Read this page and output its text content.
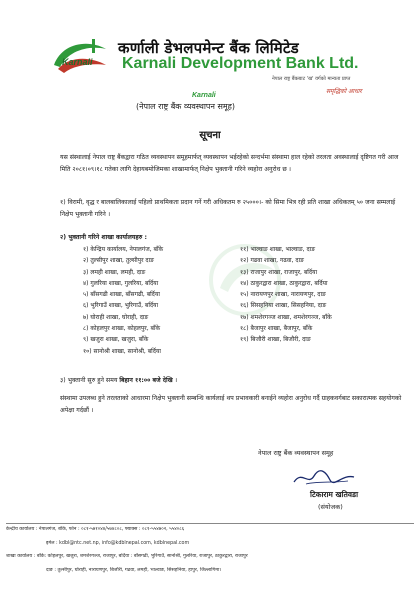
Karnali
कर्णाली डेभलपमेन्ट बैंक लिमिटेड
Karnali Development Bank Ltd.
नेपाल राष्ट्र बैंकबाट 'ख' वर्गको मान्यता प्राप्त
समृद्धिको आधार
Karnali
(नेपाल राष्ट्र बैंक व्यवस्थापन समूह)
सूचना
यस संस्थालाई नेपाल राष्ट्र बैंकद्वारा गठित व्यवस्थापन समूहमार्फत् व्यवस्थापन भईरहेको सन्दर्भमा संस्थामा हाल रहेको तरलता अवस्थालाई दृष्टिगत गरी आज मिति २०८१।०९।१८ गतेका लागि देहायबमोजिमका शाखामार्फत् निक्षेप भुक्तानी गरिने व्यहोरा अनुरोध छ ।
१) विरामी, वृद्ध र बालबालिकालाई पहिलो प्राथमिकता प्रदान गर्ने गरी अधिकतम रु २५०००।- को सिमा भित्र रही प्रति शाखा अधिकतम् ५० जना सम्मलाई निक्षेप भुक्तानी गरिने ।
२) भुक्तानी गरिने शाखा कार्यालयहरु :
१) केन्द्रिय कार्यालय, नेपालगंज, बाँके
२) तुल्सीपुर शाखा, तुल्सीपुर दाङ
३) लमही शाखा, लमही, दाङ
४) गुलरिया शाखा, गुलरिया, बर्दिया
५) बाँसगढी शाखा, बाँसगढी, बर्दिया
६) भुरिगाउँ शाखा, भुरिगाउँ, बर्दिया
७) घोराही शाखा, घोराही, दाङ
८) कोहलपुर शाखा, कोहलपुर, बाँके
९) खजुरा शाखा, खजुरा, बाँके
१०) सानोश्री शाखा, सानोश्री, बर्दिया
११) भाल्वाङ शाखा, भाल्वाङ, दाङ
१२) गढवा शाखा, गढवा, दाङ
१३) राजापुर शाखा, राजापुर, बर्दिया
१४) ठाकुरद्वारा शाखा, ठाकुरद्वारा, बर्दिया
१५) नारायणपुर शाखा, नारायणपुर, दाङ
१६) सिसहनिया शाखा, सिसहनिया, दाङ
१७) शमशेरगञ्ज शाखा, शमशेरगञ्ज, बाँके
१८) बैजापुर शाखा, बैजापुर, बाँके
१९) बिजौरी शाखा, बिजौरी, दाङ
३) भुक्तानी सुरु हुने समय बिहान ११:०० बजे देखि ।
संस्थामा उपलब्ध हुने तरलताको आधारमा निक्षेप भुक्तानी सम्बन्धि कार्यलाई थप प्रभावकारी बनाईने व्यहोरा अनुरोध गर्दै ग्राहकवर्गबाट सकारात्मक सहयोगको अपेक्षा गर्दछौं ।
नेपाल राष्ट्र बैंक व्यवस्थापन समूह
टिकाराम खतिवडा
(संयोजक)
केन्द्रीय कार्यालय : नेपालगंज, बाँके, फोन : ०८१-५७१०४४/५७४८०८, फ्याक्स : ०८१-५५४७०२, ५५४०८६
इमेल : kdbl@ntc.net.np, info@kdblnepal.com, kdblnepal.com
शाखा कार्यालय : बाँके: कोहलपुर, खजुरा, शमशेरगञ्ज, राजापुर, बर्दिया : बाँसगढी, भुरिगाउँ, सानोश्री, गुलरिया, राजापुर, ठाकुरद्वारा, राजापुर
दाङ : तुल्सीपुर, घोराही, नारायणपुर, बिजौरी, गढवा, लमही, भाल्वाङ, सिसहनिया, हापुर, जिल्लागिमा।
